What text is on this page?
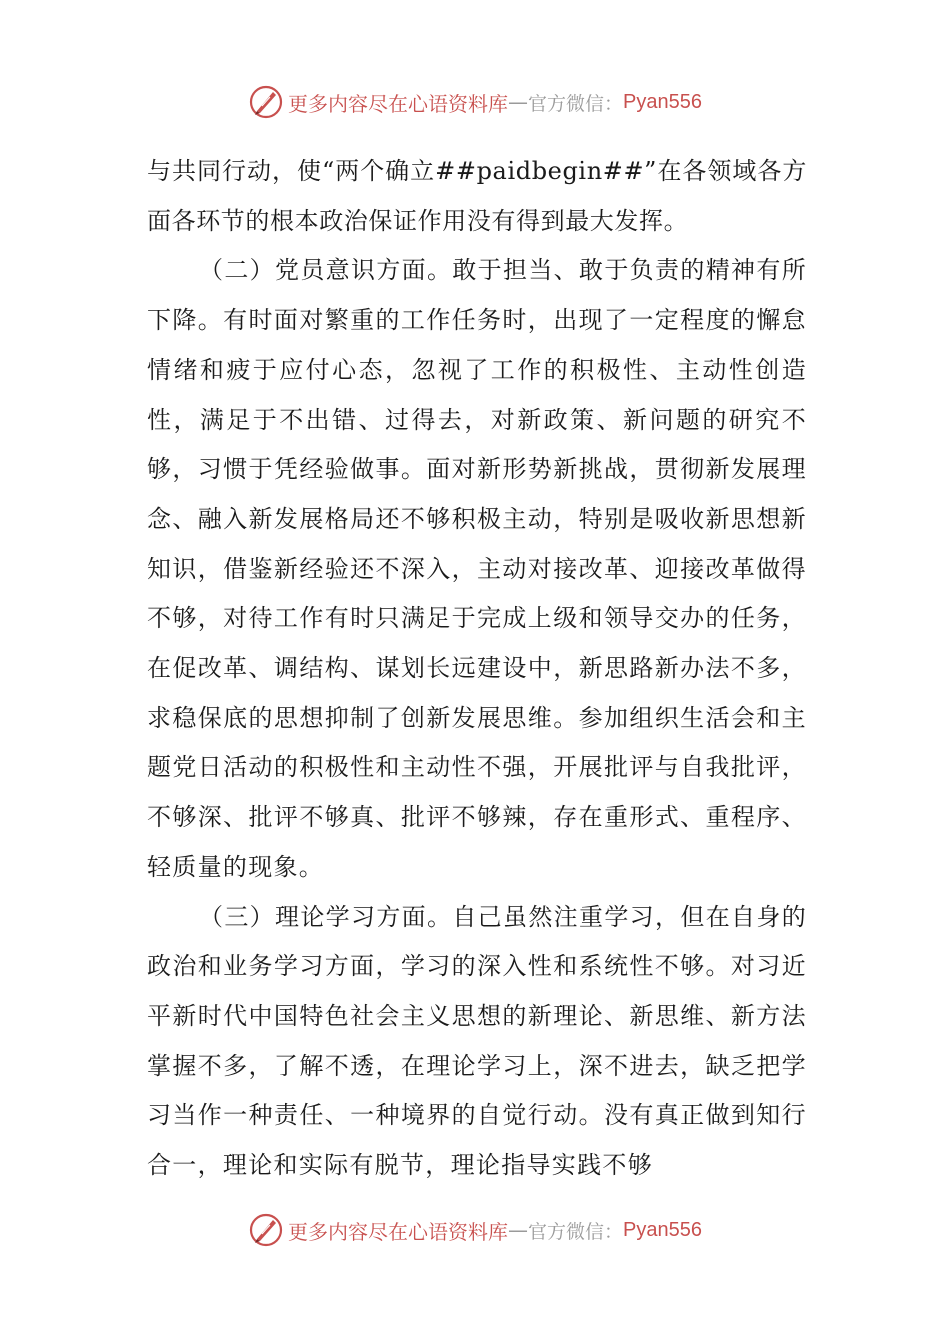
更多内容尽在心语资料库 — 官方微信： Pyan556

与共同行动，使“两个确立##paidbegin##”在各领域各方面各环节的根本政治保证作用没有得到最大发挥。

（二）党员意识方面。敢于担当、敢于负责的精神有所下降。有时面对繁重的工作任务时，出现了一定程度的懈怠情绪和疲于应付心态，忽视了工作的积极性、主动性创造性，满足于不出错、过得去，对新政策、新问题的研究不够，习惯于凭经验做事。面对新形势新挑战，贯彻新发展理念、融入新发展格局还不够积极主动，特别是吸收新思想新知识，借鉴新经验还不深入，主动对接改革、迎接改革做得不够，对待工作有时只满足于完成上级和领导交办的任务，在促改革、调结构、谋划长远建设中，新思路新办法不多，求稳保底的思想抑制了创新发展思维。参加组织生活会和主题党日活动的积极性和主动性不强，开展批评与自我批评，不够深、批评不够真、批评不够辣，存在重形式、重程序、轻质量的现象。

（三）理论学习方面。自己虽然注重学习，但在自身的政治和业务学习方面，学习的深入性和系统性不够。对习近平新时代中国特色社会主义思想的新理论、新思维、新方法掌握不多，了解不透，在理论学习上，深不进去，缺乏把学习当作一种责任、一种境界的自觉行动。没有真正做到知行合一，理论和实际有脱节，理论指导实践不够

更多内容尽在心语资料库 — 官方微信： Pyan556
